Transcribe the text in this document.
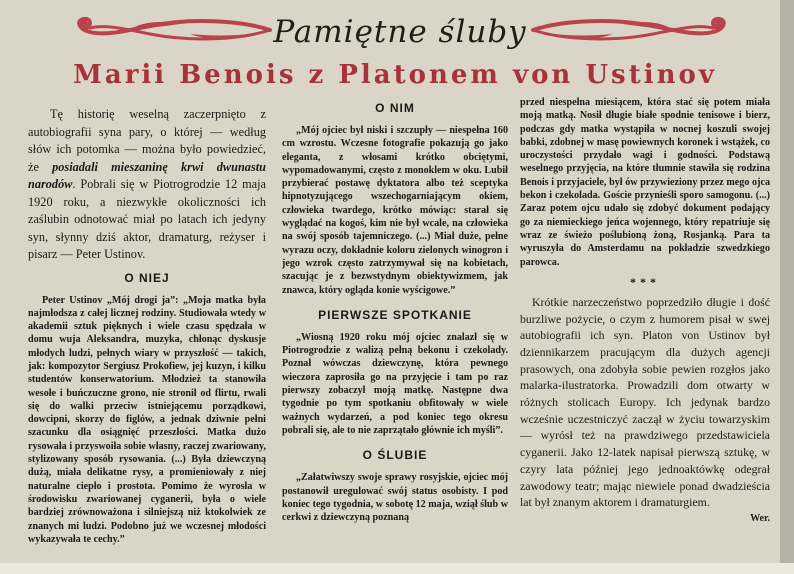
Pamiętne śluby
Marii Benois z Platonem von Ustinov

Tę historię weselną zaczerpnięto z autobiografii syna pary, o której — według słów ich potomka — można było powiedzieć, że posiadali mieszaninę krwi dwunastu narodów. Pobrali się w Piotrogrodzie 12 maja 1920 roku, a niezwykłe okoliczności ich zaślubin odnotować miał po latach ich jedyny syn, słynny dziś aktor, dramaturg, reżyser i pisarz — Peter Ustinov.

O NIEJ

Peter Ustinov „Mój drogi ja”: „Moja matka była najmłodsza z całej licznej rodziny. Studiowała wtedy w akademii sztuk pięknych i wiele czasu spędzała w domu wuja Aleksandra, muzyka, chłonąc dyskusje młodych ludzi, pełnych wiary w przyszłość — takich, jak: kompozytor Sergiusz Prokofiew, jej kuzyn, i kilku studentów konserwatorium. Młodzież ta stanowiła wesołe i buńczuczne grono, nie stronił od flirtu, rwali się do walki przeciw istniejącemu porządkowi, dowcipni, skorzy do figlów, a jednak dziwnie pełni szacunku dla osiągnięć przeszłości. Matka dużo rysowała i przyswoiła sobie własny, raczej zwariowany, stylizowany sposób rysowania. (...) Była dziewczyną dużą, miała delikatne rysy, a promieniowały z niej naturalne ciepło i prostota. Pomimo że wyrosła w środowisku zwariowanej cyganerii, była o wiele bardziej zrównoważona i silniejszą niż ktokolwiek ze znanych mi ludzi. Podobno już we wczesnej młodości wykazywała te cechy.”

O NIM

„Mój ojciec był niski i szczupły — niespełna 160 cm wzrostu. Wczesne fotografie pokazują go jako eleganta, z włosami krótko obciętymi, wypomadowanymi, często z monoklem w oku. Lubił przybierać postawę dyktatora albo też sceptyka hipnotyzującego wszechogarniającym okiem, człowieka twardego, krótko mówiąc: starał się wyglądać na kogoś, kim nie był wcale, na człowieka na swój sposób tajemniczego. (...) Miał duże, pełne wyrazu oczy, dokładnie koloru zielonych winogron i jego wzrok często zatrzymywał się na kobietach, szacując je z bezwstydnym obiektywizmem, jak znawca, który ogląda konie wyścigowe.”

PIERWSZE SPOTKANIE

„Wiosną 1920 roku mój ojciec znalazł się w Piotrogrodzie z walizą pełną bekonu i czekolady. Poznał wówczas dziewczynę, która pewnego wieczora zaprosiła go na przyjęcie i tam po raz pierwszy zobaczył moją matkę. Następne dwa tygodnie po tym spotkaniu obfitowały w wiele ważnych wydarzeń, a pod koniec tego okresu pobrali się, ale to nie zaprzątało głównie ich myśli”.

O ŚLUBIE

„Załatwiwszy swoje sprawy rosyjskie, ojciec mój postanowił uregulować swój status osobisty. I pod koniec tego tygodnia, w sobotę 12 maja, wziął ślub w cerkwi z dziewczyną poznaną

przed niespełna miesiącem, która stać się potem miała moją matką. Nosił długie białe spodnie tenisowe i bierz, podczas gdy matka wystąpiła w nocnej koszuli swojej babki, zdobnej w masę powiewnych koronek i wstążek, co uroczystości przydało wagi i godności. Podstawą weselnego przyjęcia, na które tłumnie stawiła się rodzina Benois i przyjaciele, był ów przywieziony przez mego ojca bekon i czekolada. Goście przynieśli sporo samogonu. (...) Zaraz potem ojcu udało się zdobyć dokument podający go za niemieckiego jeńca wojennego, który repatriuje się wraz ze świeżo poślubioną żoną, Rosjanką. Para ta wyruszyła do Amsterdamu na pokładzie szwedzkiego parowca.

***

Krótkie narzeczeństwo poprzedziło długie i dość burzliwe pożycie, o czym z humorem pisał w swej autobiografii ich syn. Platon von Ustinov był dziennikarzem pracującym dla dużych agencji prasowych, ona zdobyła sobie pewien rozgłos jako malarka-ilustratorka. Prowadzili dom otwarty w różnych stolicach Europy. Ich jedynak bardzo wcześnie uczestniczyć zaczął w życiu towarzyskim — wyrósł też na prawdziwego przedstawiciela cyganerii. Jako 12-latek napisał pierwszą sztukę, w czyry lata później jego jednoaktówkę odegrał zawodowy teatr; mając niewiele ponad dwadzieścia lat był znanym aktorem i dramaturgiem.

Wer.
